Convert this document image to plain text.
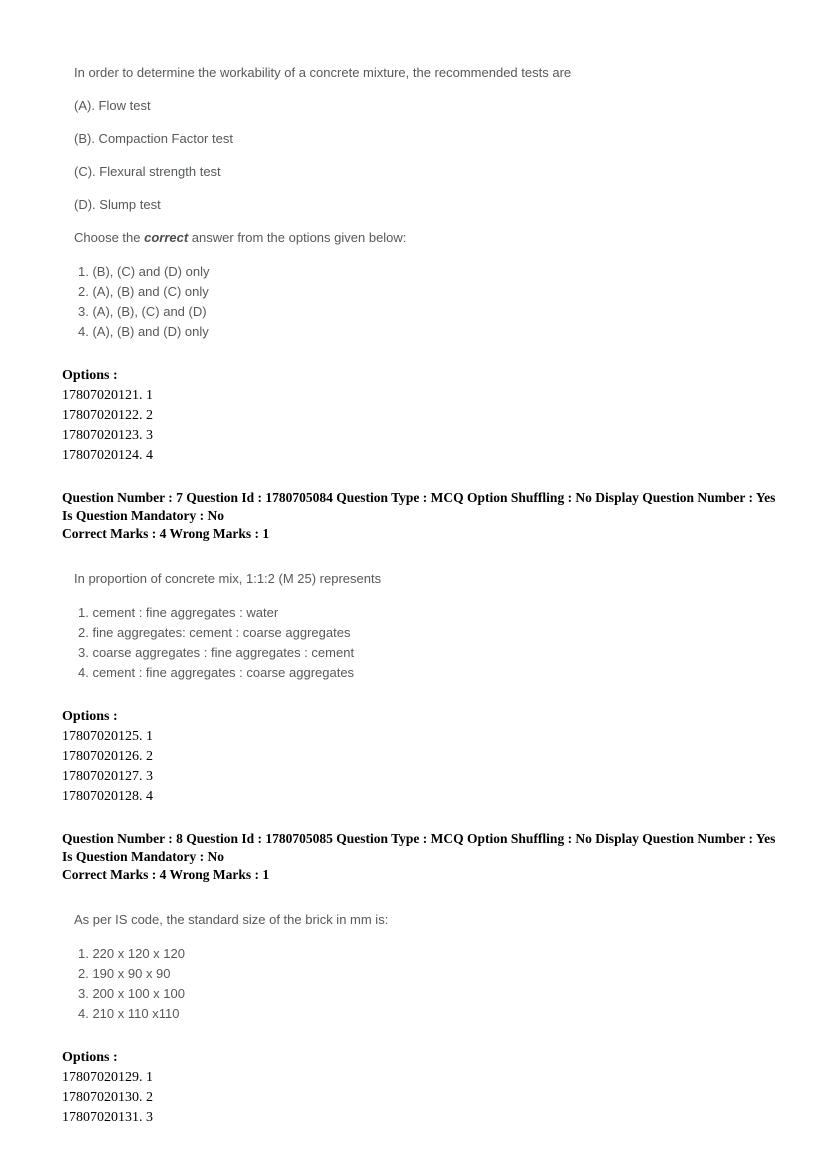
In order to determine the workability of a concrete mixture, the recommended tests are

(A). Flow test

(B). Compaction Factor test

(C). Flexural strength test

(D). Slump test

Choose the correct answer from the options given below:

1. (B), (C) and (D) only

2. (A), (B) and (C) only

3. (A), (B), (C) and (D)

4. (A), (B) and (D) only

Options :
17807020121. 1
17807020122. 2
17807020123. 3
17807020124. 4
Question Number : 7 Question Id : 1780705084 Question Type : MCQ Option Shuffling : No Display Question Number : Yes
Is Question Mandatory : No
Correct Marks : 4 Wrong Marks : 1

In proportion of concrete mix, 1:1:2 (M 25) represents

1. cement : fine aggregates : water

2. fine aggregates: cement : coarse aggregates

3. coarse aggregates : fine aggregates : cement

4. cement : fine aggregates : coarse aggregates

Options :
17807020125. 1
17807020126. 2
17807020127. 3
17807020128. 4
Question Number : 8 Question Id : 1780705085 Question Type : MCQ Option Shuffling : No Display Question Number : Yes
Is Question Mandatory : No
Correct Marks : 4 Wrong Marks : 1

As per IS code, the standard size of the brick in mm is:

1. 220 x 120 x 120

2. 190 x 90 x 90

3. 200 x 100 x 100

4. 210 x 110 x110

Options :
17807020129. 1
17807020130. 2
17807020131. 3
